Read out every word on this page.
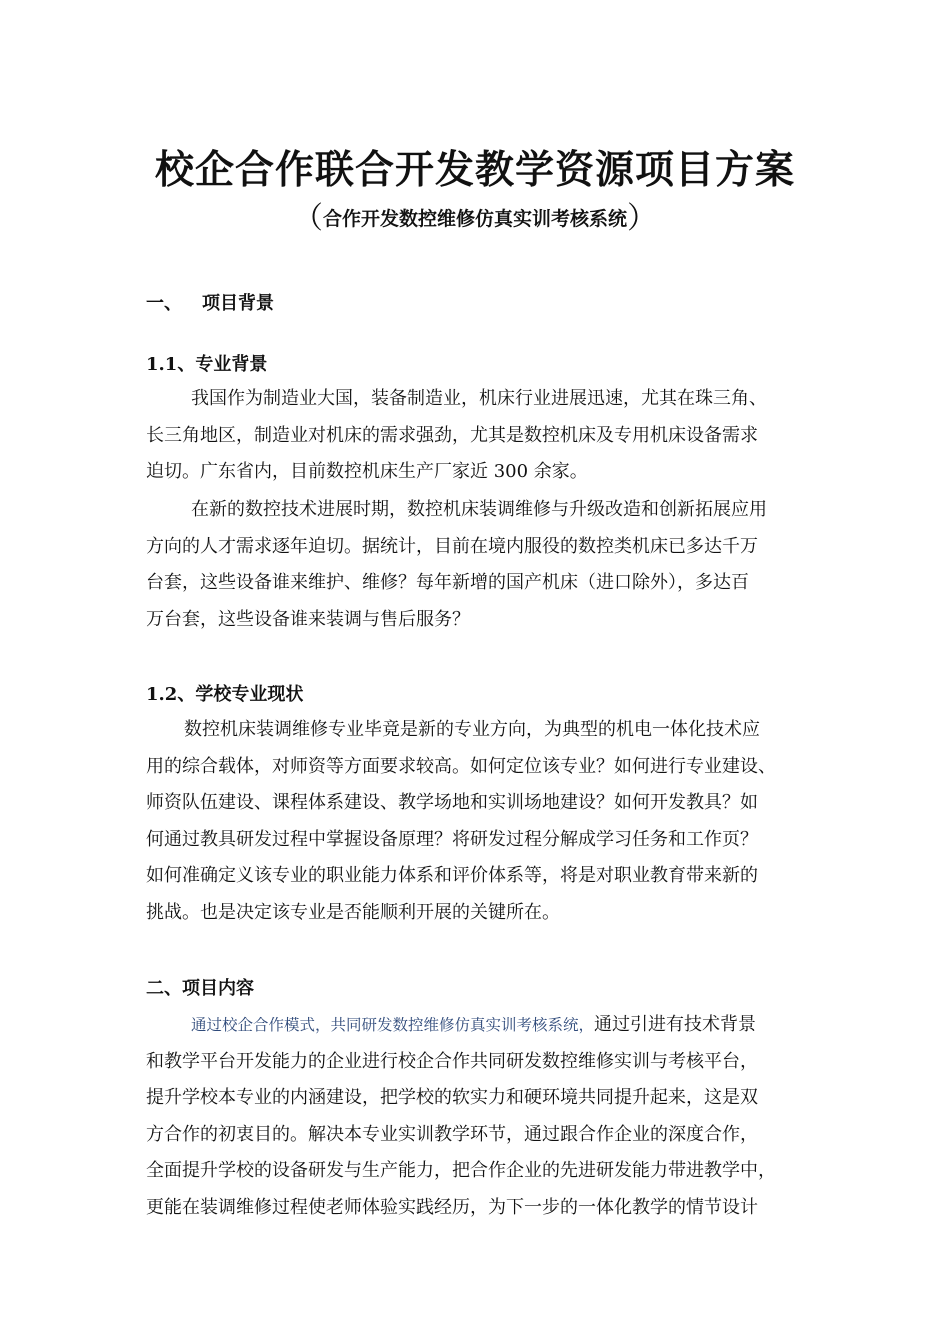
校企合作联合开发教学资源项目方案
（合作开发数控维修仿真实训考核系统）
一、 项目背景
1.1、专业背景
我国作为制造业大国，装备制造业，机床行业进展迅速，尤其在珠三角、
长三角地区，制造业对机床的需求强劲，尤其是数控机床及专用机床设备需求
迫切。广东省内，目前数控机床生产厂家近 300 余家。
在新的数控技术进展时期，数控机床装调维修与升级改造和创新拓展应用
方向的人才需求逐年迫切。据统计，目前在境内服役的数控类机床已多达千万
台套，这些设备谁来维护、维修？每年新增的国产机床（进口除外），多达百
万台套，这些设备谁来装调与售后服务？
1.2、学校专业现状
数控机床装调维修专业毕竟是新的专业方向，为典型的机电一体化技术应
用的综合载体，对师资等方面要求较高。如何定位该专业？如何进行专业建设、
师资队伍建设、课程体系建设、教学场地和实训场地建设？如何开发教具？如
何通过教具研发过程中掌握设备原理？将研发过程分解成学习任务和工作页？
如何准确定义该专业的职业能力体系和评价体系等，将是对职业教育带来新的
挑战。也是决定该专业是否能顺利开展的关键所在。
二、项目内容
通过校企合作模式，共同研发数控维修仿真实训考核系统，通过引进有技术背景
和教学平台开发能力的企业进行校企合作共同研发数控维修实训与考核平台，
提升学校本专业的内涵建设，把学校的软实力和硬环境共同提升起来，这是双
方合作的初衷目的。解决本专业实训教学环节，通过跟合作企业的深度合作，
全面提升学校的设备研发与生产能力，把合作企业的先进研发能力带进教学中，
更能在装调维修过程使老师体验实践经历，为下一步的一体化教学的情节设计
